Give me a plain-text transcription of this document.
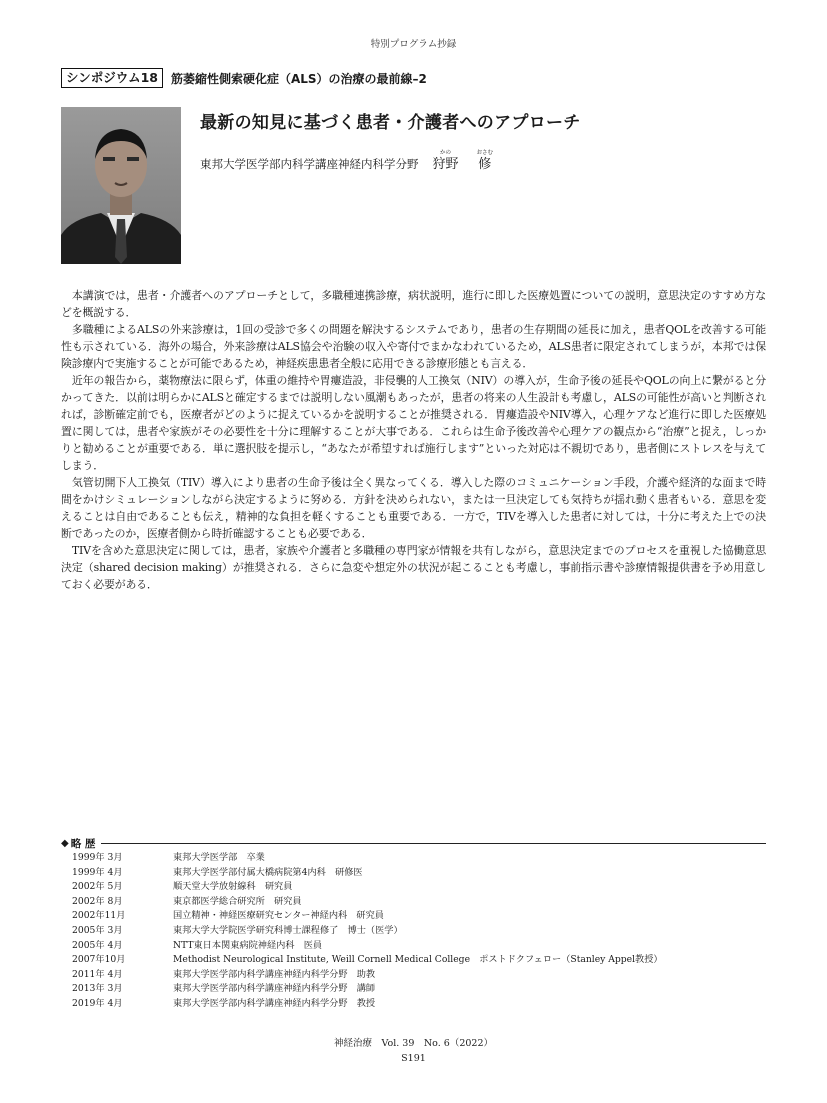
特別プログラム抄録
シンポジウム18	筋萎縮性側索硬化症（ALS）の治療の最前線–2
最新の知見に基づく患者・介護者へのアプローチ
東邦大学医学部内科学講座神経内科学分野
かの
狩野
おさむ
修

本講演では，患者・介護者へのアプローチとして，多職種連携診療，病状説明，進行に即した医療処置についての説明，意思決定のすすめ方などを概説する．

多職種によるALSの外来診療は，1回の受診で多くの問題を解決するシステムであり，患者の生存期間の延長に加え，患者QOLを改善する可能性も示されている．海外の場合，外来診療はALS協会や治験の収入や寄付でまかなわれているため，ALS患者に限定されてしまうが，本邦では保険診療内で実施することが可能であるため，神経疾患患者全般に応用できる診療形態とも言える．

近年の報告から，薬物療法に限らず，体重の維持や胃瘻造設，非侵襲的人工換気（NIV）の導入が，生命予後の延長やQOLの向上に繋がると分かってきた．以前は明らかにALSと確定するまでは説明しない風潮もあったが，患者の将来の人生設計も考慮し，ALSの可能性が高いと判断されれば，診断確定前でも，医療者がどのように捉えているかを説明することが推奨される．胃瘻造設やNIV導入，心理ケアなど進行に即した医療処置に関しては，患者や家族がその必要性を十分に理解することが大事である．これらは生命予後改善や心理ケアの観点から“治療”と捉え，しっかりと勧めることが重要である．単に選択肢を提示し，“あなたが希望すれば施行します”といった対応は不親切であり，患者側にストレスを与えてしまう．

気管切開下人工換気（TIV）導入により患者の生命予後は全く異なってくる．導入した際のコミュニケーション手段，介護や経済的な面まで時間をかけシミュレーションしながら決定するように努める．方針を決められない，または一旦決定しても気持ちが揺れ動く患者もいる．意思を変えることは自由であることも伝え，精神的な負担を軽くすることも重要である．一方で，TIVを導入した患者に対しては，十分に考えた上での決断であったのか，医療者側から時折確認することも必要である．

TIVを含めた意思決定に関しては，患者，家族や介護者と多職種の専門家が情報を共有しながら，意思決定までのプロセスを重視した協働意思決定（shared decision making）が推奨される．さらに急変や想定外の状況が起こることも考慮し，事前指示書や診療情報提供書を予め用意しておく必要がある．

◆ 略 歴
1999年 3月	東邦大学医学部　卒業
1999年 4月	東邦大学医学部付属大橋病院第4内科　研修医
2002年 5月	順天堂大学放射線科　研究員
2002年 8月	東京都医学総合研究所　研究員
2002年11月	国立精神・神経医療研究センター神経内科　研究員
2005年 3月	東邦大学大学院医学研究科博士課程修了　博士（医学）
2005年 4月	NTT東日本関東病院神経内科　医員
2007年10月	Methodist Neurological Institute, Weill Cornell Medical College　ポストドクフェロー（Stanley Appel教授）
2011年 4月	東邦大学医学部内科学講座神経内科学分野　助教
2013年 3月	東邦大学医学部内科学講座神経内科学分野　講師
2019年 4月	東邦大学医学部内科学講座神経内科学分野　教授
神経治療　Vol. 39　No. 6（2022）
S191
